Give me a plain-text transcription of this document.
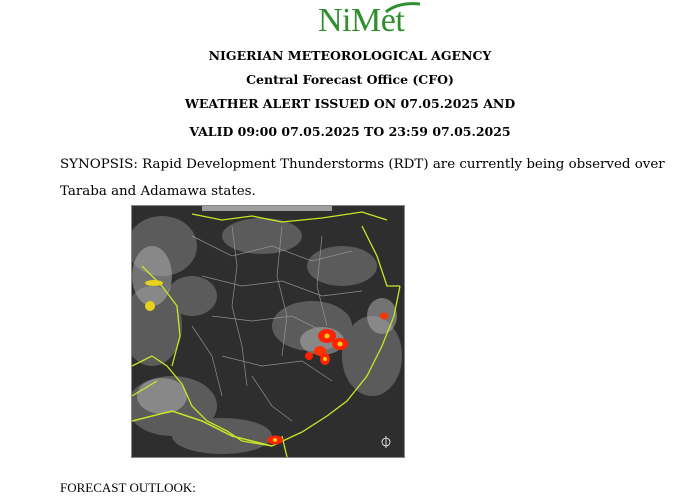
NiMet
NIGERIAN METEOROLOGICAL AGENCY
Central Forecast Office (CFO)
WEATHER ALERT ISSUED ON 07.05.2025 AND
VALID 09:00 07.05.2025 TO 23:59 07.05.2025
SYNOPSIS: Rapid Development Thunderstorms (RDT) are currently being observed over Taraba and Adamawa states.
FORECAST OUTLOOK:
